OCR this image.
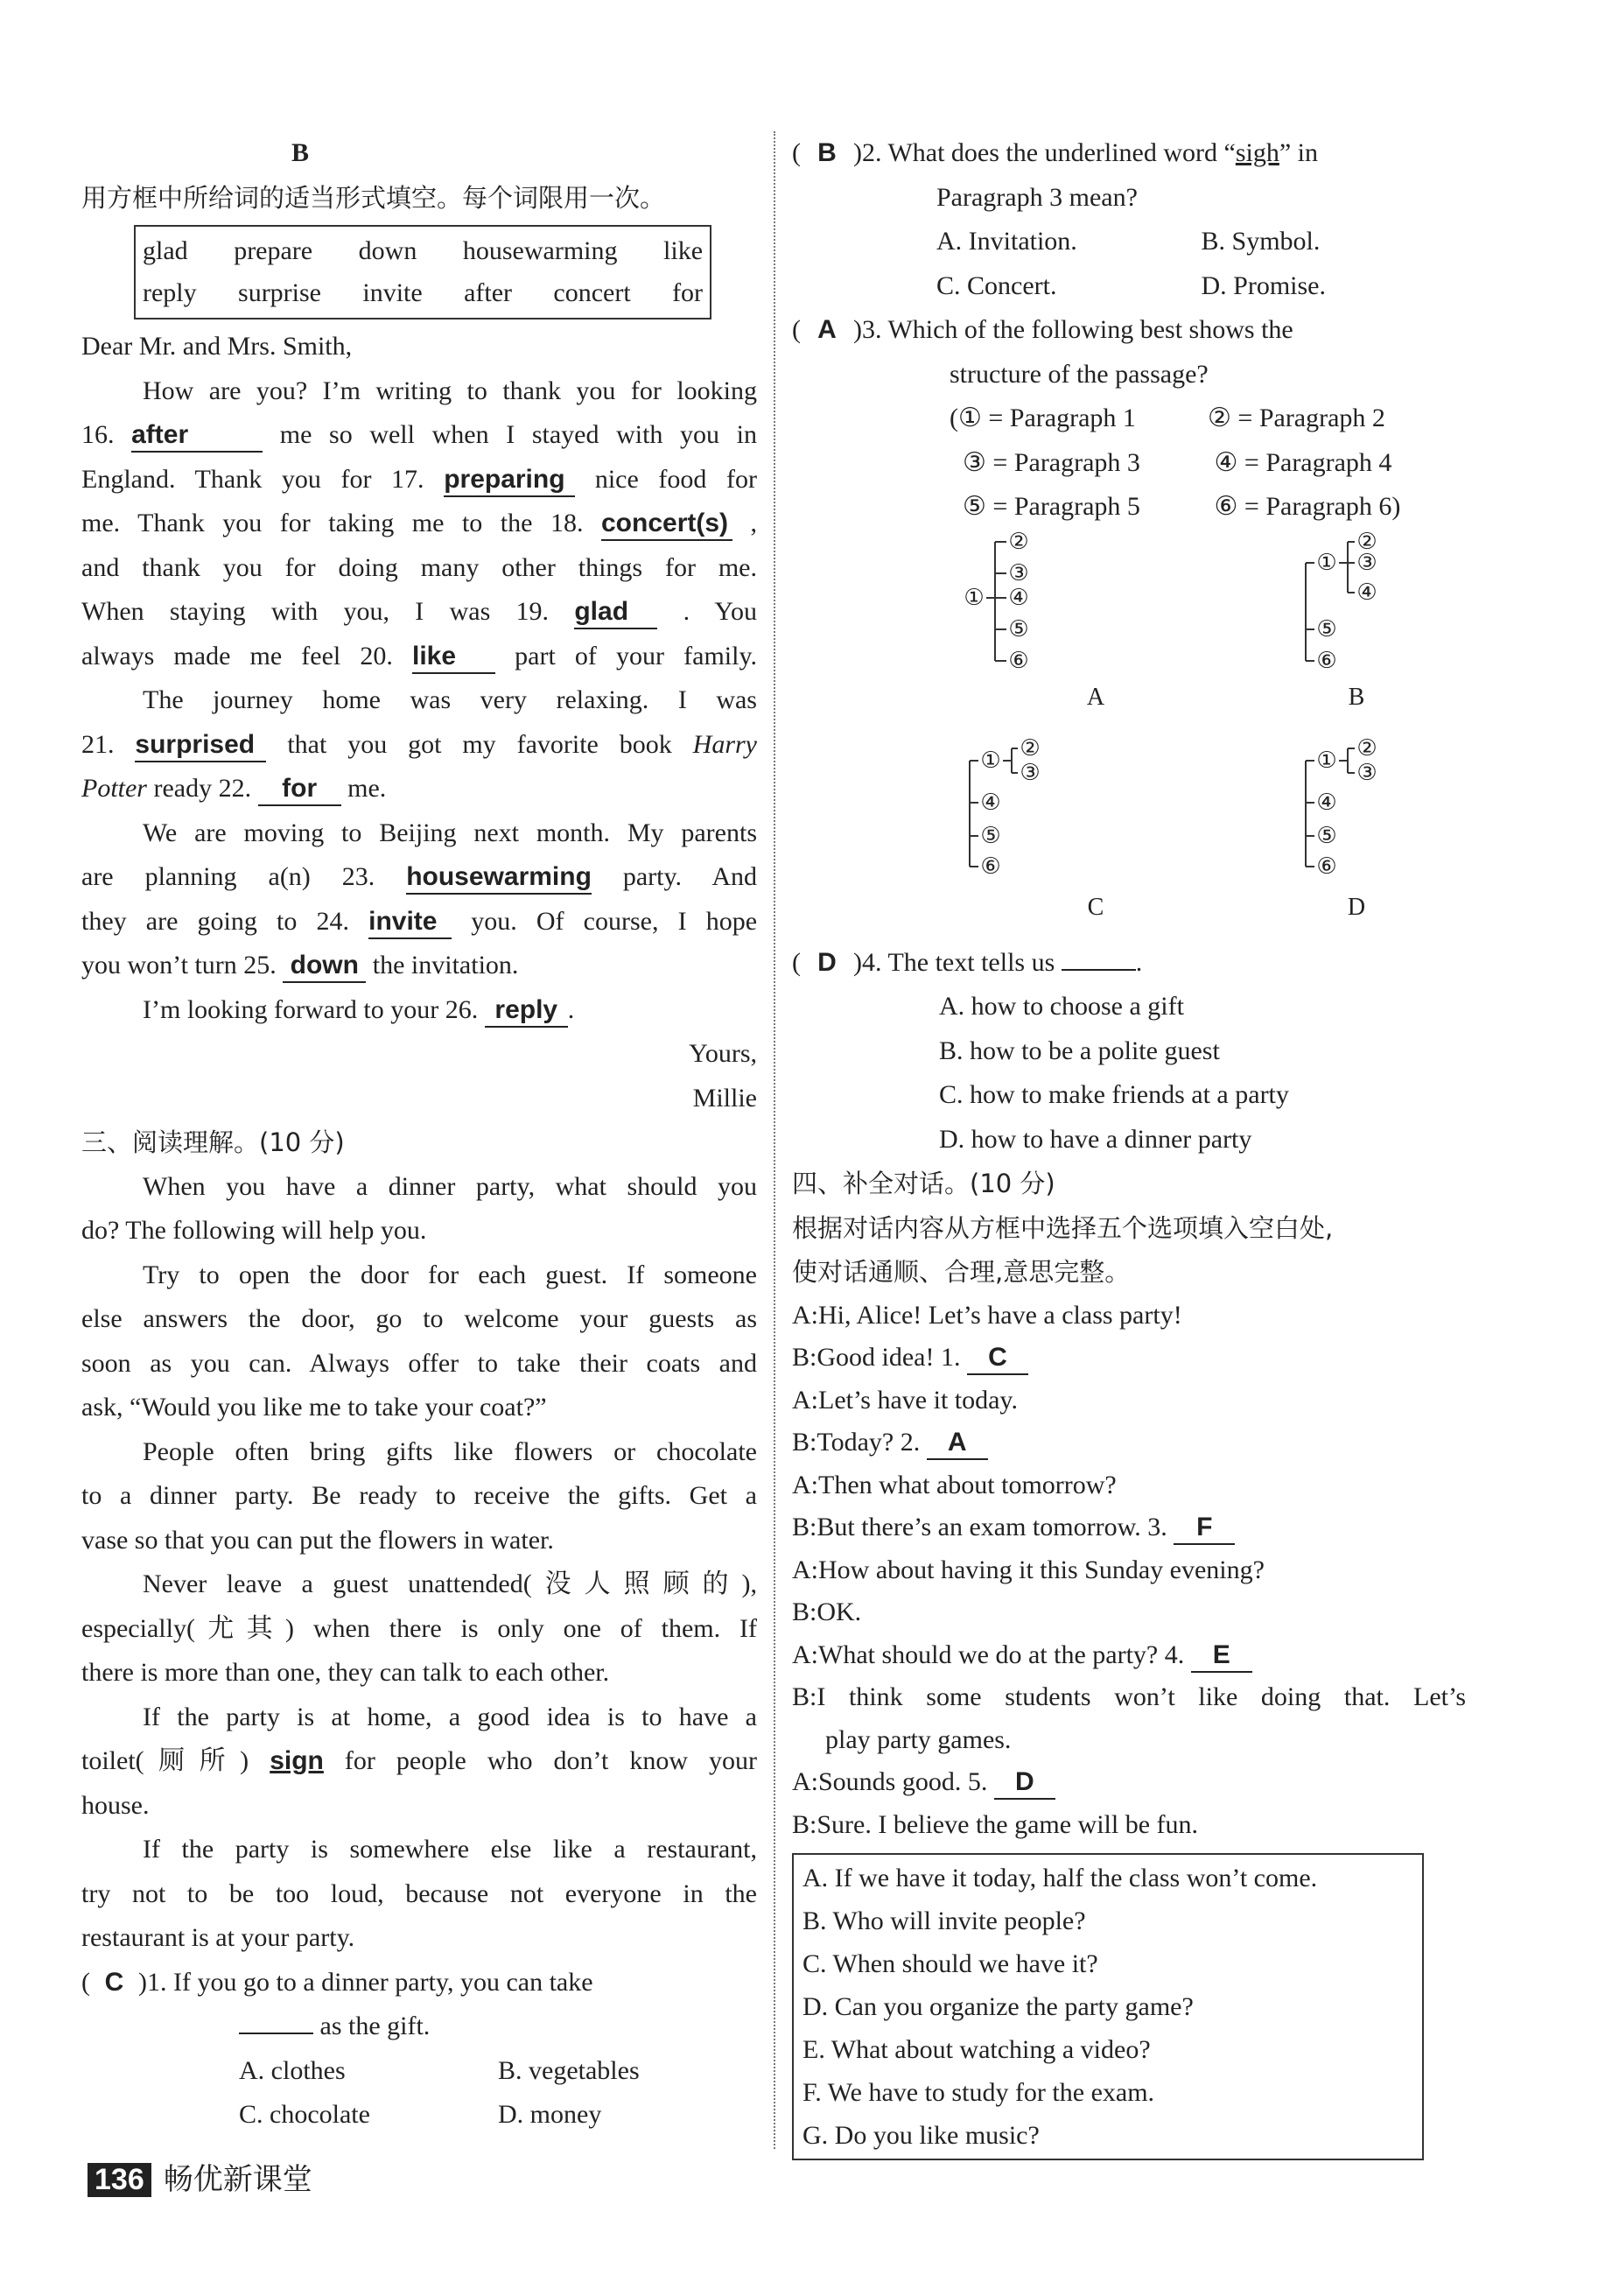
B
用方框中所给词的适当形式填空。每个词限用一次。
glad prepare down housewarming like
reply surprise invite after concert for
Dear Mr. and Mrs. Smith,
How are you? I’m writing to thank you for looking
16. after	me so well when I stayed with you in
England. Thank you for 17. preparing nice food for
me. Thank you for taking me to the 18. concert(s) ,
and thank you for doing many other things for me.
When staying with you, I was 19. glad . You
always made me feel 20. like part of your family.
The journey home was very relaxing. I was
21. surprised that you got my favorite book Harry
Potter ready 22. for me.
We are moving to Beijing next month. My parents
are planning a(n) 23. housewarming party. And
they are going to 24. invite you. Of course, I hope
you won’t turn 25. down the invitation.
I’m looking forward to your 26. reply .
Yours,
Millie
三、阅读理解。(10 分)
When you have a dinner party, what should you
do? The following will help you.
Try to open the door for each guest. If someone
else answers the door, go to welcome your guests as
soon as you can. Always offer to take their coats and
ask, “Would you like me to take your coat?”
People often bring gifts like flowers or chocolate
to a dinner party. Be ready to receive the gifts. Get a
vase so that you can put the flowers in water.
Never leave a guest unattended(没人照顾的),
especially(尤其) when there is only one of them. If
there is more than one, they can talk to each other.
If the party is at home, a good idea is to have a
toilet(厕所) sign for people who don’t know your
house.
If the party is somewhere else like a restaurant,
try not to be too loud, because not everyone in the
restaurant is at your party.
( C )1. If you go to a dinner party, you can take
as the gift.
A. clothes	B. vegetables
C. chocolate	D. money
( B )2. What does the underlined word “sigh” in
Paragraph 3 mean?
A. Invitation.	B. Symbol.
C. Concert.	D. Promise.
( A )3. Which of the following best shows the
structure of the passage?
(① = Paragraph 1	② = Paragraph 2
③ = Paragraph 3	④ = Paragraph 4
⑤ = Paragraph 5	⑥ = Paragraph 6)
①
②
③
④
⑤
⑥
①
②
③
④
⑤
⑥
① ②
③
④
⑤
⑥
① ②
③
④
⑤
⑥
A	B
C	D
( D )4. The text tells us	.
A. how to choose a gift
B. how to be a polite guest
C. how to make friends at a party
D. how to have a dinner party
四、补全对话。(10 分)
根据对话内容从方框中选择五个选项填入空白处,
使对话通顺、合理,意思完整。
A:Hi, Alice! Let’s have a class party!
B:Good idea! 1. C
A:Let’s have it today.
B:Today? 2. A
A:Then what about tomorrow?
B:But there’s an exam tomorrow. 3. F
A:How about having it this Sunday evening?
B:OK.
A:What should we do at the party? 4. E
B:I think some students won’t like doing that. Let’s
play party games.
A:Sounds good. 5. D
B:Sure. I believe the game will be fun.
A. If we have it today, half the class won’t come.
B. Who will invite people?
C. When should we have it?
D. Can you organize the party game?
E. What about watching a video?
F. We have to study for the exam.
G. Do you like music?
136 畅优新课堂
